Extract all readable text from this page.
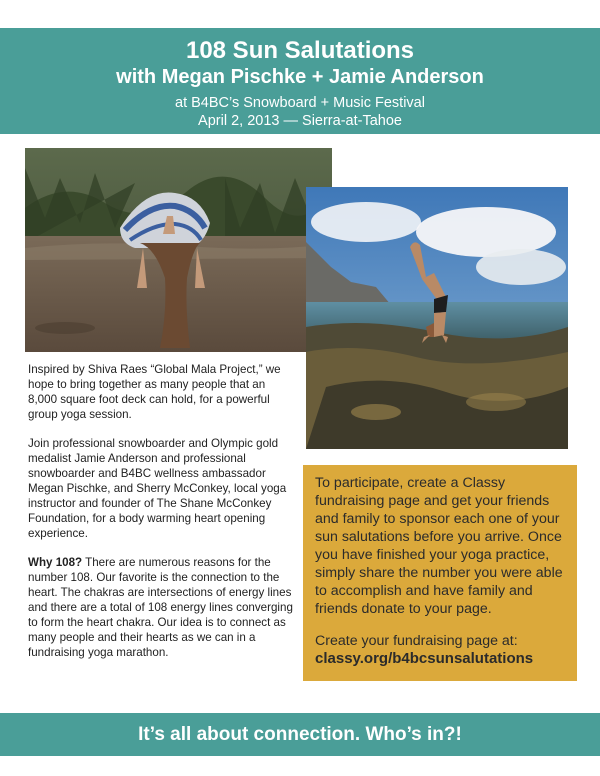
108 Sun Salutations
with Megan Pischke + Jamie Anderson
at B4BC’s Snowboard + Music Festival
April 2, 2013 — Sierra-at-Tahoe

Inspired by Shiva Raes “Global Mala Project,” we hope to bring together as many people that an 8,000 square foot deck can hold, for a powerful group yoga session.

Join professional snowboarder and Olympic gold medalist Jamie Anderson and professional snowboarder and B4BC wellness ambassador Megan Pischke, and Sherry McConkey, local yoga instructor and founder of The Shane McConkey Foundation, for a body warming heart opening experience.

Why 108? There are numerous reasons for the number 108. Our favorite is the connection to the heart. The chakras are intersections of energy lines and there are a total of 108 energy lines converging to form the heart chakra. Our idea is to connect as many people and their hearts as we can in a fundraising yoga marathon.

To participate, create a Classy fundraising page and get your friends and family to sponsor each one of your sun salutations before you arrive. Once you have finished your yoga practice, simply share the number you were able to accomplish and have family and friends donate to your page.

Create your fundraising page at:
classy.org/b4bcsunsalutations
It’s all about connection. Who’s in?!
